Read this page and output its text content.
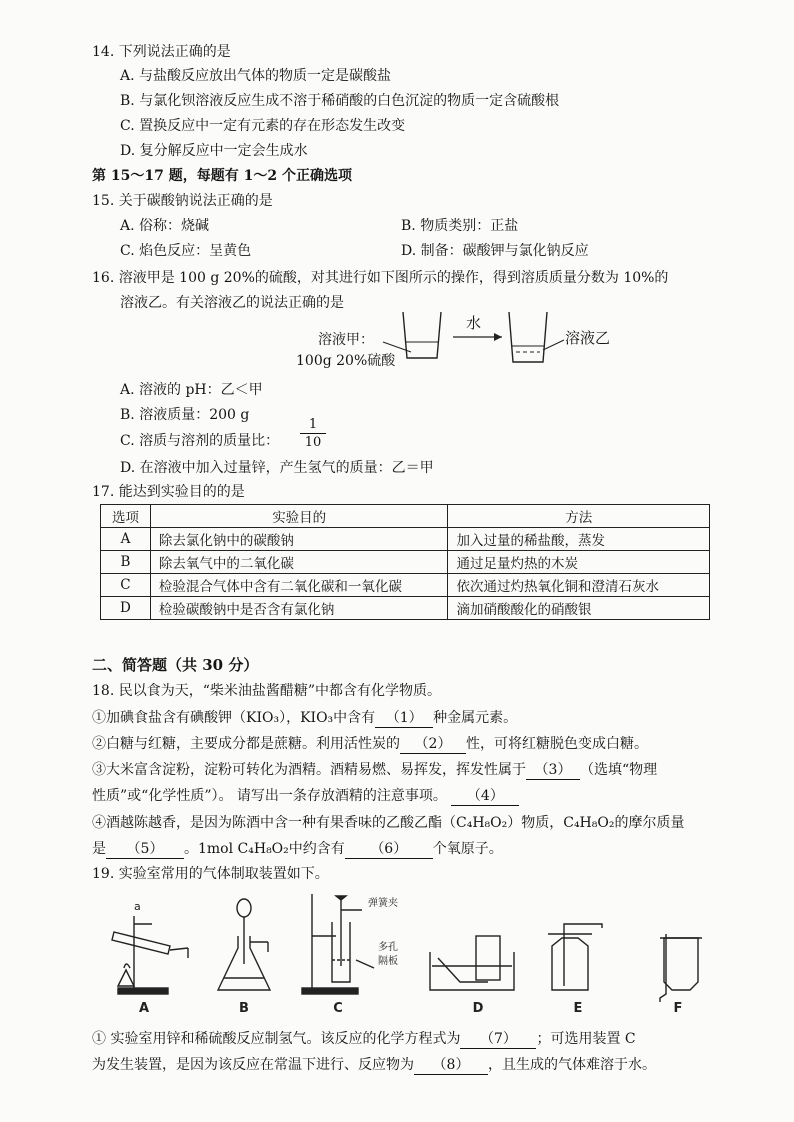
14. 下列说法正确的是
A. 与盐酸反应放出气体的物质一定是碳酸盐
B. 与氯化钡溶液反应生成不溶于稀硝酸的白色沉淀的物质一定含硫酸根
C. 置换反应中一定有元素的存在形态发生改变
D. 复分解反应中一定会生成水
第 15～17 题，每题有 1～2 个正确选项
15. 关于碳酸钠说法正确的是
A. 俗称：烧碱	B. 物质类别：正盐
C. 焰色反应：呈黄色	D. 制备：碳酸钾与氯化钠反应
16. 溶液甲是 100 g 20%的硫酸，对其进行如下图所示的操作，得到溶质质量分数为 10%的
溶液乙。有关溶液乙的说法正确的是
溶液甲：
100g 20%硫酸
水
溶液乙
A. 溶液的 pH：乙＜甲
B. 溶液质量：200 g
C. 溶质与溶剂的质量比：
1
10
D. 在溶液中加入过量锌，产生氢气的质量：乙＝甲
17. 能达到实验目的的是
选项	实验目的	方法
A	除去氯化钠中的碳酸钠	加入过量的稀盐酸，蒸发
B	除去氧气中的二氧化碳	通过足量灼热的木炭
C	检验混合气体中含有二氧化碳和一氧化碳	依次通过灼热氧化铜和澄清石灰水
D	检验碳酸钠中是否含有氯化钠	滴加硝酸酸化的硝酸银
二、简答题（共 30 分）
18. 民以食为天，“柴米油盐酱醋糖”中都含有化学物质。
①加碘食盐含有碘酸钾（KIO₃），KIO₃中含有 （1） 种金属元素。
②白糖与红糖，主要成分都是蔗糖。利用活性炭的 （2） 性，可将红糖脱色变成白糖。
③大米富含淀粉，淀粉可转化为酒精。酒精易燃、易挥发，挥发性属于 （3） （选填“物理
性质”或“化学性质”）。 请写出一条存放酒精的注意事项。 （4）
④酒越陈越香，是因为陈酒中含一种有果香味的乙酸乙酯（C₄H₈O₂）物质，C₄H₈O₂的摩尔质量
是 （5） 。1mol C₄H₈O₂中约含有 （6） 个氧原子。
19. 实验室常用的气体制取装置如下。
a	弹簧夹
多孔
隔板
A	B	C	D	E	F
① 实验室用锌和稀硫酸反应制氢气。该反应的化学方程式为 （7） ；可选用装置 C
为发生装置，是因为该反应在常温下进行、反应物为 （8） ，且生成的气体难溶于水。
